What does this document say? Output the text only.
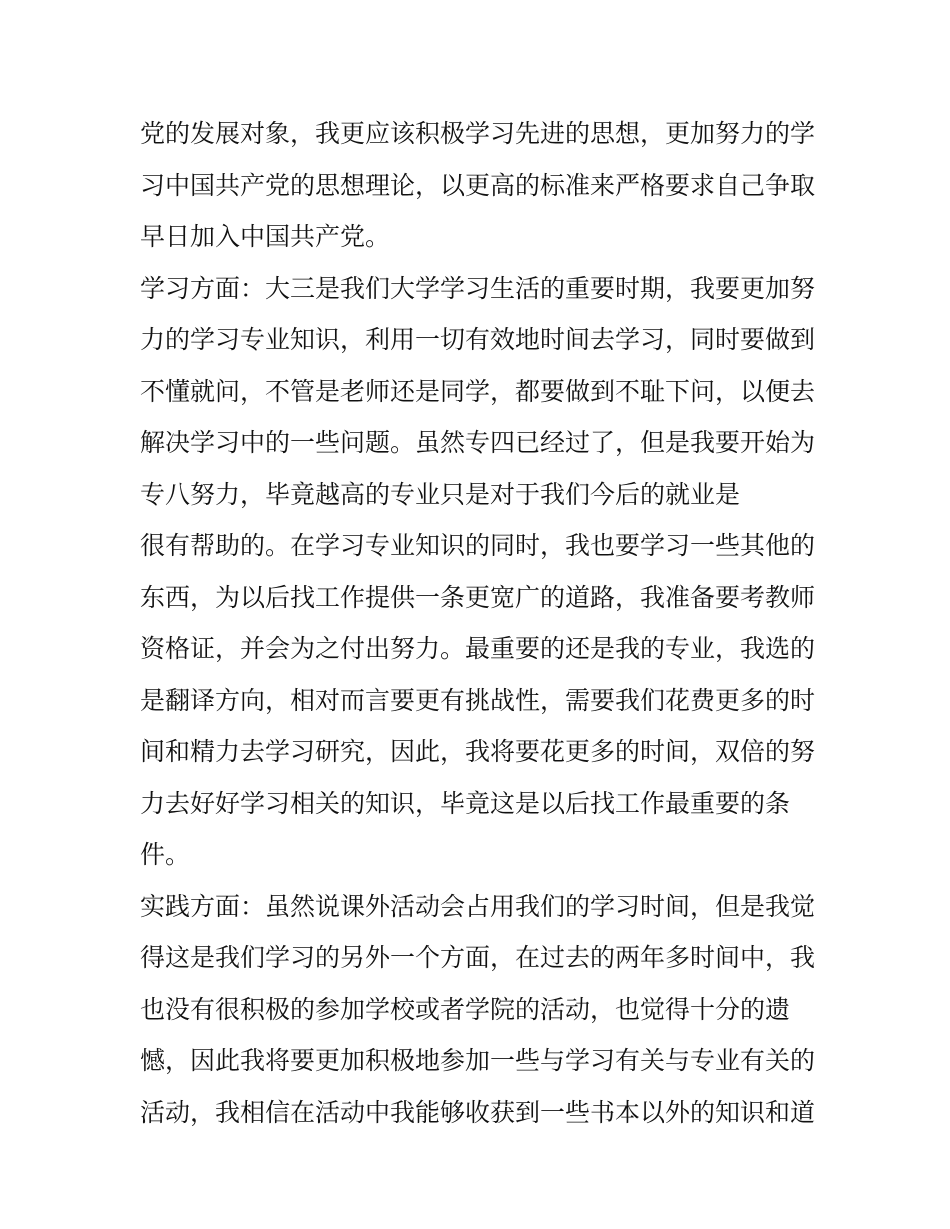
党的发展对象，我更应该积极学习先进的思想，更加努力的学
习中国共产党的思想理论，以更高的标准来严格要求自己争取
早日加入中国共产党。
学习方面：大三是我们大学学习生活的重要时期，我要更加努
力的学习专业知识，利用一切有效地时间去学习，同时要做到
不懂就问，不管是老师还是同学，都要做到不耻下问，以便去
解决学习中的一些问题。虽然专四已经过了，但是我要开始为
专八努力，毕竟越高的专业只是对于我们今后的就业是
很有帮助的。在学习专业知识的同时，我也要学习一些其他的
东西，为以后找工作提供一条更宽广的道路，我准备要考教师
资格证，并会为之付出努力。最重要的还是我的专业，我选的
是翻译方向，相对而言要更有挑战性，需要我们花费更多的时
间和精力去学习研究，因此，我将要花更多的时间，双倍的努
力去好好学习相关的知识，毕竟这是以后找工作最重要的条
件。
实践方面：虽然说课外活动会占用我们的学习时间，但是我觉
得这是我们学习的另外一个方面，在过去的两年多时间中，我
也没有很积极的参加学校或者学院的活动，也觉得十分的遗
憾，因此我将要更加积极地参加一些与学习有关与专业有关的
活动，我相信在活动中我能够收获到一些书本以外的知识和道
